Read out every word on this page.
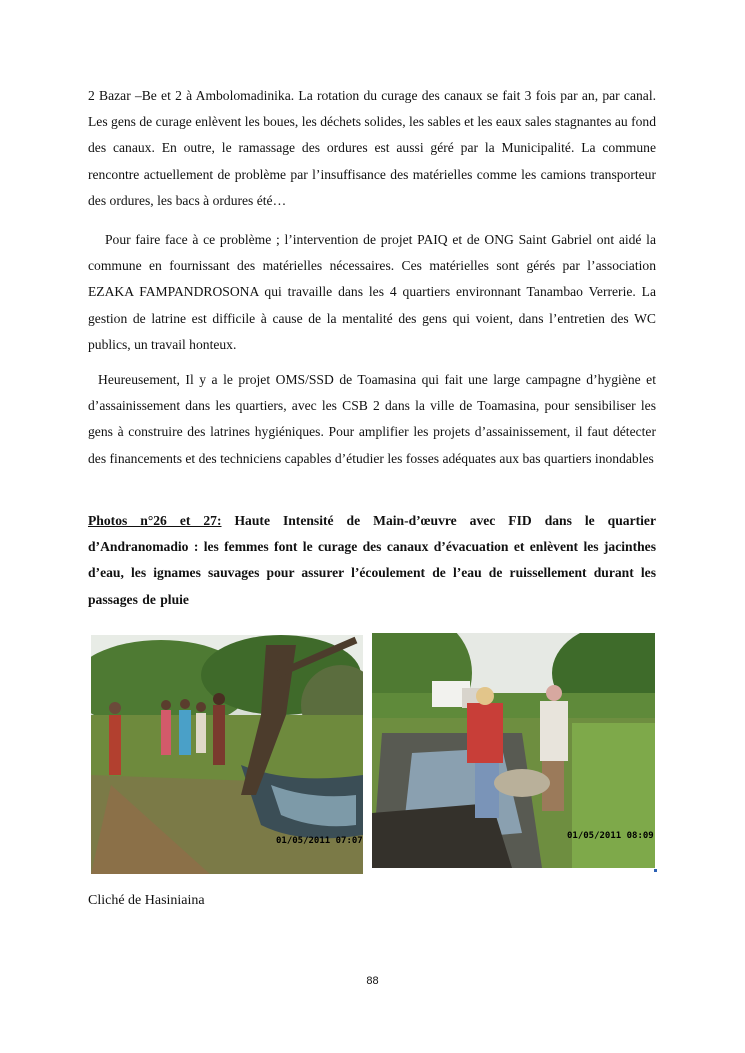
2 Bazar –Be et 2 à Ambolomadinika. La rotation du curage des canaux se fait 3 fois par an, par canal. Les gens de curage enlèvent les boues, les déchets solides, les sables et les eaux sales stagnantes au fond des canaux. En outre, le ramassage des ordures est aussi géré par la Municipalité. La commune rencontre actuellement de problème par l’insuffisance des matérielles comme les camions transporteur des ordures, les bacs à ordures été…

Pour faire face à ce problème ; l’intervention de projet PAIQ et de ONG Saint Gabriel ont aidé la commune en fournissant des matérielles nécessaires. Ces matérielles sont gérés par l’association EZAKA FAMPANDROSONA qui travaille dans les 4 quartiers environnant Tanambao Verrerie. La gestion de latrine est difficile à cause de la mentalité des gens qui voient, dans l’entretien des WC publics, un travail honteux.

Heureusement, Il y a le projet OMS/SSD de Toamasina qui fait une large campagne d’hygiène et d’assainissement dans les quartiers, avec les CSB 2 dans la ville de Toamasina, pour sensibiliser les gens à construire des latrines hygiéniques. Pour amplifier les projets d’assainissement, il faut détecter des financements et des techniciens capables d’étudier les fosses adéquates aux bas quartiers inondables

Photos n°26 et 27: Haute Intensité de Main-d’œuvre avec FID dans le quartier d’Andranomadio : les femmes font le curage des canaux d’évacuation et enlèvent les jacinthes d’eau, les ignames sauvages pour assurer l’écoulement de l’eau de ruissellement durant les passages de pluie

01/05/2011 07:07	01/05/2011 08:09

Cliché de Hasiniaina

88
